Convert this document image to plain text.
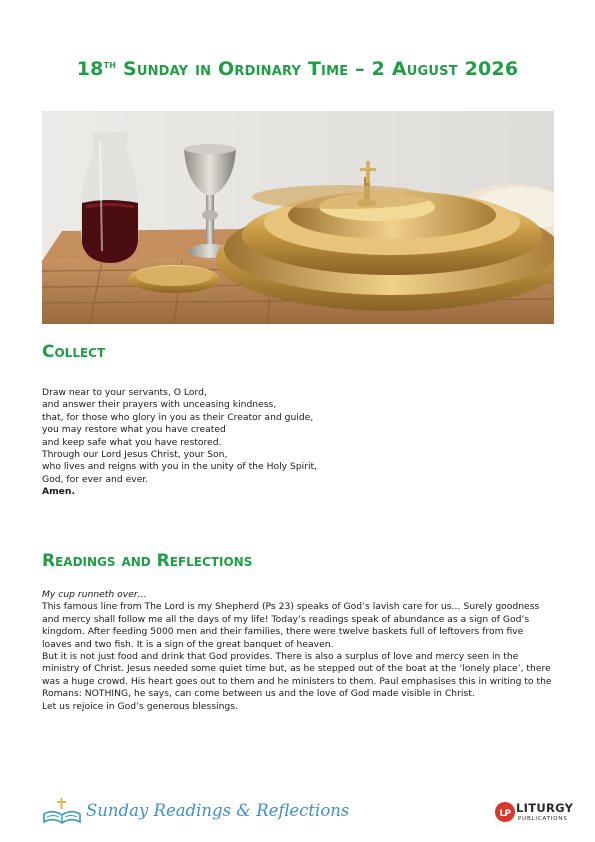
18th Sunday in Ordinary Time – 2 August 2026
Collect
Draw near to your servants, O Lord,
and answer their prayers with unceasing kindness,
that, for those who glory in you as their Creator and guide,
you may restore what you have created
and keep safe what you have restored.
Through our Lord Jesus Christ, your Son,
who lives and reigns with you in the unity of the Holy Spirit,
God, for ever and ever.
Amen.
Readings and Reflections
My cup runneth over…
This famous line from The Lord is my Shepherd (Ps 23) speaks of God’s lavish care for us… Surely goodness and mercy shall follow me all the days of my life! Today’s readings speak of abundance as a sign of God’s kingdom. After feeding 5000 men and their families, there were twelve baskets full of leftovers from five loaves and two fish. It is a sign of the great banquet of heaven.
But it is not just food and drink that God provides. There is also a surplus of love and mercy seen in the ministry of Christ. Jesus needed some quiet time but, as he stepped out of the boat at the ‘lonely place’, there was a huge crowd. His heart goes out to them and he ministers to them. Paul emphasises this in writing to the Romans: NOTHING, he says, can come between us and the love of God made visible in Christ.
Let us rejoice in God’s generous blessings.
Sunday Readings & Reflections	L P LITURGY
PUBLICATIONS
